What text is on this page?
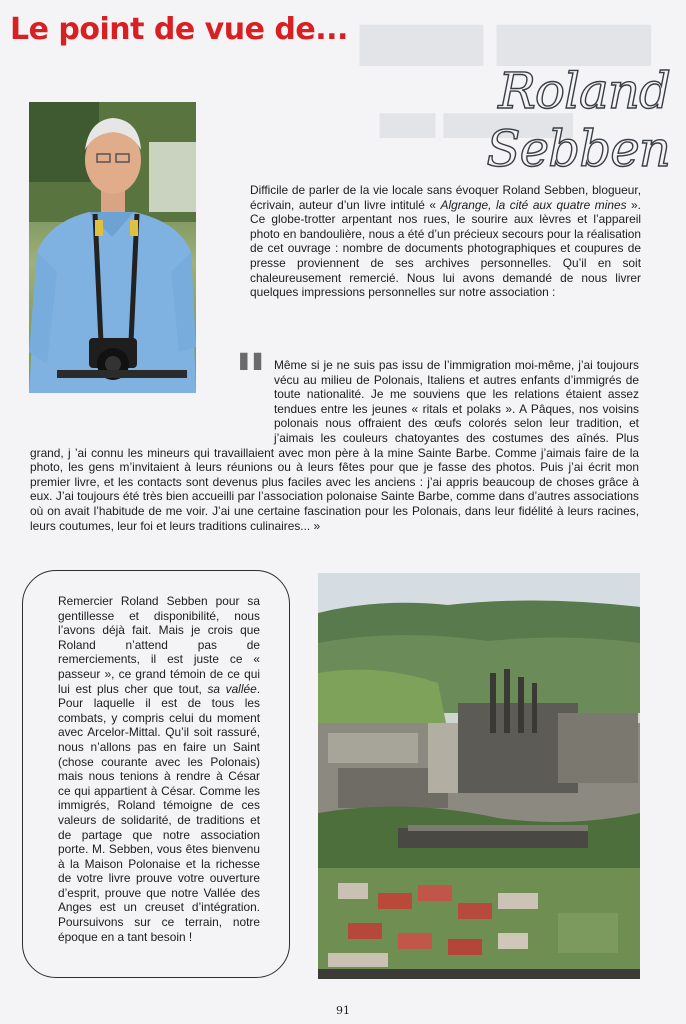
▇▇▇▇ ▇▇▇▇▇
▇▇▇ ▇▇▇▇▇▇▇
Le point de vue de...
Roland Sebben

Difficile de parler de la vie locale sans évoquer Roland Sebben, blogueur, écrivain, auteur d’un livre intitulé « Algrange, la cité aux quatre mines ». Ce globe-trotter arpentant nos rues, le sourire aux lèvres et l’appareil photo en bandoulière, nous a été d’un précieux secours pour la réalisation de cet ouvrage : nombre de documents photographiques et coupures de presse proviennent de ses archives personnelles. Qu’il en soit chaleureusement remercié. Nous lui avons demandé de nous livrer quelques impressions personnelles sur notre association :

" Même si je ne suis pas issu de l’immigration moi-même, j’ai toujours vécu au milieu de Polonais, Italiens et autres enfants d’immigrés de toute nationalité. Je me souviens que les relations étaient assez tendues entre les jeunes « ritals et polaks ». A Pâques, nos voisins polonais nous offraient des œufs colorés selon leur tradition, et j’aimais les couleurs chatoyantes des costumes des aînés. Plus grand, j ’ai connu les mineurs qui travaillaient avec mon père à la mine Sainte Barbe. Comme j’aimais faire de la photo, les gens m’invitaient à leurs réunions ou à leurs fêtes pour que je fasse des photos. Puis j’ai écrit mon premier livre, et les contacts sont devenus plus faciles avec les anciens : j’ai appris beaucoup de choses grâce à eux. J’ai toujours été très bien accueilli par l’association polonaise Sainte Barbe, comme dans d’autres associations où on avait l’habitude de me voir. J’ai une certaine fascination pour les Polonais, dans leur fidélité à leurs racines, leurs coutumes, leur foi et leurs traditions culinaires... »

Remercier Roland Sebben pour sa gentillesse et disponibilité, nous l’avons déjà fait. Mais je crois que Roland n’attend pas de remerciements, il est juste ce « passeur », ce grand témoin de ce qui lui est plus cher que tout, sa vallée. Pour laquelle il est de tous les combats, y compris celui du moment avec Arcelor-Mittal. Qu’il soit rassuré, nous n’allons pas en faire un Saint (chose courante avec les Polonais) mais nous tenions à rendre à César ce qui appartient à César. Comme les immigrés, Roland témoigne de ces valeurs de solidarité, de traditions et de partage que notre association porte. M. Sebben, vous êtes bienvenu à la Maison Polonaise et la richesse de votre livre prouve votre ouverture d’esprit, prouve que notre Vallée des Anges est un creuset d’intégration. Poursuivons sur ce terrain, notre époque en a tant besoin !

91
